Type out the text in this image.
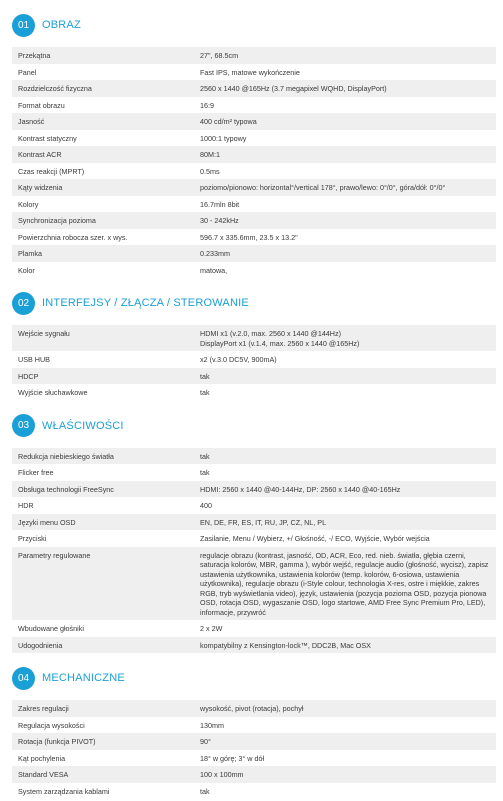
01	OBRAZ
Przekątna	27", 68.5cm
Panel	Fast IPS, matowe wykończenie
Rozdzielczość fizyczna	2560 x 1440 @165Hz (3.7 megapixel WQHD, DisplayPort)
Format obrazu	16:9
Jasność	400 cd/m² typowa
Kontrast statyczny	1000:1 typowy
Kontrast ACR	80M:1
Czas reakcji (MPRT)	0.5ms
Kąty widzenia	poziomo/pionowo: horizontal°/vertical 178°, prawo/lewo: 0°/0°, góra/dół: 0°/0°
Kolory	16.7mln 8bit
Synchronizacja pozioma	30 - 242kHz
Powierzchnia robocza szer. x wys.	596.7 x 335.6mm, 23.5 x 13.2"
Plamka	0.233mm
Kolor	matowa,
02	INTERFEJSY / ZŁĄCZA / STEROWANIE
Wejście sygnału	HDMI x1 (v.2.0, max. 2560 x 1440 @144Hz)
DisplayPort x1 (v.1.4, max. 2560 x 1440 @165Hz)
USB HUB	x2 (v.3.0 DC5V, 900mA)
HDCP	tak
Wyjście słuchawkowe	tak
03	WŁAŚCIWOŚCI
Redukcja niebieskiego światła	tak
Flicker free	tak
Obsługa technologii FreeSync	HDMI: 2560 x 1440 @40-144Hz, DP: 2560 x 1440 @40-165Hz
HDR	400
Języki menu OSD	EN, DE, FR, ES, IT, RU, JP, CZ, NL, PL
Przyciski	Zasilanie, Menu / Wybierz, +/ Głośność, -/ ECO, Wyjście, Wybór wejścia
Parametry regulowane	regulacje obrazu (kontrast, jasność, OD, ACR, Eco, red. nieb. światła, głębia czerni, saturacja kolorów, MBR, gamma ), wybór wejść, regulacje audio (głośność, wycisz), zapisz ustawienia użytkownika, ustawienia kolorów (temp. kolorów, 6-osiowa, ustawienia użytkownika), regulacje obrazu (i-Style colour, technologia X-res, ostre i miękkie, zakres RGB, tryb wyświetlania video), język, ustawienia (pozycja pozioma OSD, pozycja pionowa OSD, rotacja OSD, wygaszanie OSD, logo startowe, AMD Free Sync Premium Pro, LED), informacje, przywróć
Wbudowane głośniki	2 x 2W
Udogodnienia	kompatybilny z Kensington-lock™, DDC2B, Mac OSX
04	MECHANICZNE
Zakres regulacji	wysokość, pivot (rotacja), pochył
Regulacja wysokości	130mm
Rotacja (funkcja PIVOT)	90°
Kąt pochylenia	18° w górę; 3° w dół
Standard VESA	100 x 100mm
System zarządzania kablami	tak
